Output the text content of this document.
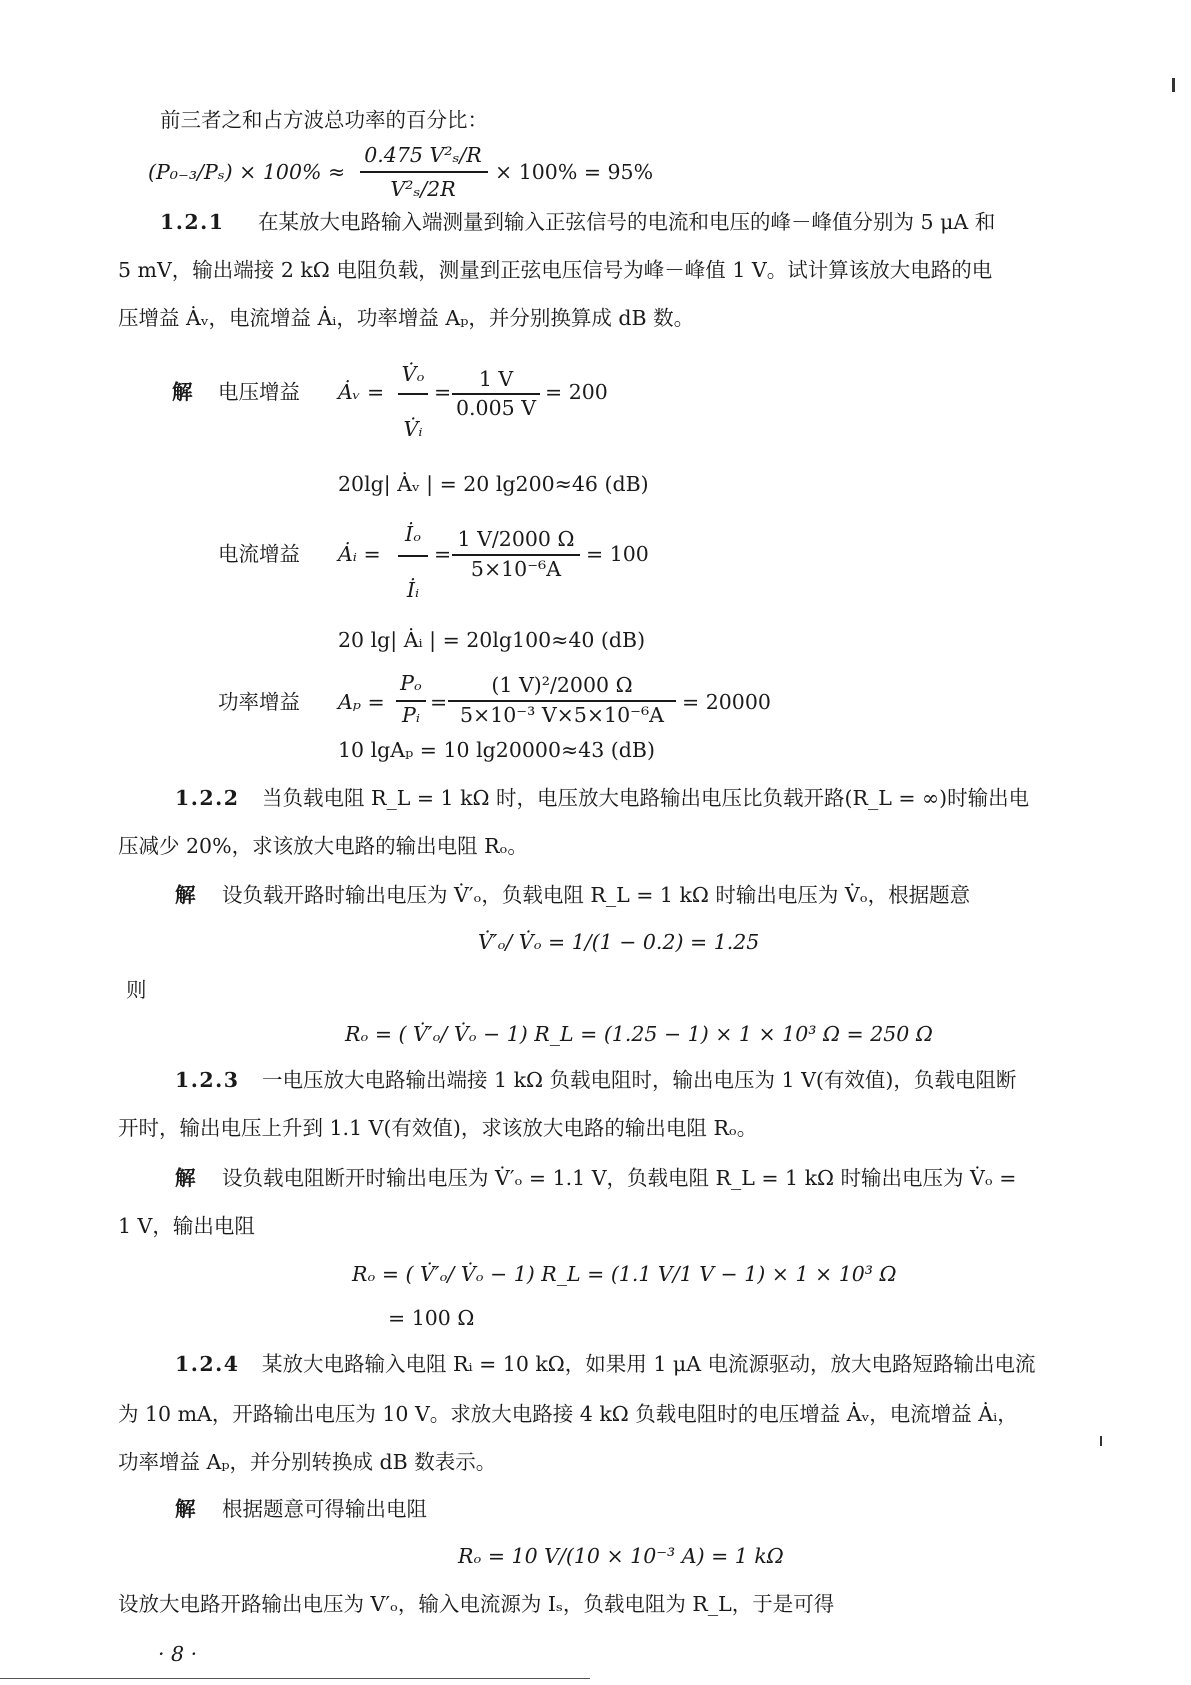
前三者之和占方波总功率的百分比：
(P₀₋₃/Pₛ) × 100% ≈
0.475 V²ₛ/R
V²ₛ/2R
× 100% = 95%
1.2.1 在某放大电路输入端测量到输入正弦信号的电流和电压的峰－峰值分别为 5 μA 和
5 mV，输出端接 2 kΩ 电阻负载，测量到正弦电压信号为峰－峰值 1 V。试计算该放大电路的电
压增益 Ȧᵥ，电流增益 Ȧᵢ，功率增益 Aₚ，并分别换算成 dB 数。
解 电压增益 Ȧᵥ =
V̇ₒ
V̇ᵢ
=
1 V
0.005 V
= 200
20lg| Ȧᵥ | = 20 lg200≈46 (dB)
电流增益 Ȧᵢ =
İₒ
İᵢ
=
1 V/2000 Ω
5×10⁻⁶A
= 100
20 lg| Ȧᵢ | = 20lg100≈40 (dB)
功率增益 Aₚ =
Pₒ
Pᵢ
=
(1 V)²/2000 Ω
5×10⁻³ V×5×10⁻⁶A
= 20000
10 lgAₚ = 10 lg20000≈43 (dB)
1.2.2 当负载电阻 R_L = 1 kΩ 时，电压放大电路输出电压比负载开路(R_L = ∞)时输出电
压减少 20%，求该放大电路的输出电阻 Rₒ。
解 设负载开路时输出电压为 V̇′ₒ，负载电阻 R_L = 1 kΩ 时输出电压为 V̇ₒ，根据题意
V̇′ₒ/ V̇ₒ = 1/(1 − 0.2) = 1.25
则
Rₒ = ( V̇′ₒ/ V̇ₒ − 1) R_L = (1.25 − 1) × 1 × 10³ Ω = 250 Ω
1.2.3 一电压放大电路输出端接 1 kΩ 负载电阻时，输出电压为 1 V(有效值)，负载电阻断
开时，输出电压上升到 1.1 V(有效值)，求该放大电路的输出电阻 Rₒ。
解 设负载电阻断开时输出电压为 V̇′ₒ = 1.1 V，负载电阻 R_L = 1 kΩ 时输出电压为 V̇ₒ =
1 V，输出电阻
Rₒ = ( V̇′ₒ/ V̇ₒ − 1) R_L = (1.1 V/1 V − 1) × 1 × 10³ Ω
= 100 Ω
1.2.4 某放大电路输入电阻 Rᵢ = 10 kΩ，如果用 1 μA 电流源驱动，放大电路短路输出电流
为 10 mA，开路输出电压为 10 V。求放大电路接 4 kΩ 负载电阻时的电压增益 Ȧᵥ，电流增益 Ȧᵢ，
功率增益 Aₚ，并分别转换成 dB 数表示。
解 根据题意可得输出电阻
Rₒ = 10 V/(10 × 10⁻³ A) = 1 kΩ
设放大电路开路输出电压为 V′ₒ，输入电流源为 Iₛ，负载电阻为 R_L，于是可得
· 8 ·
